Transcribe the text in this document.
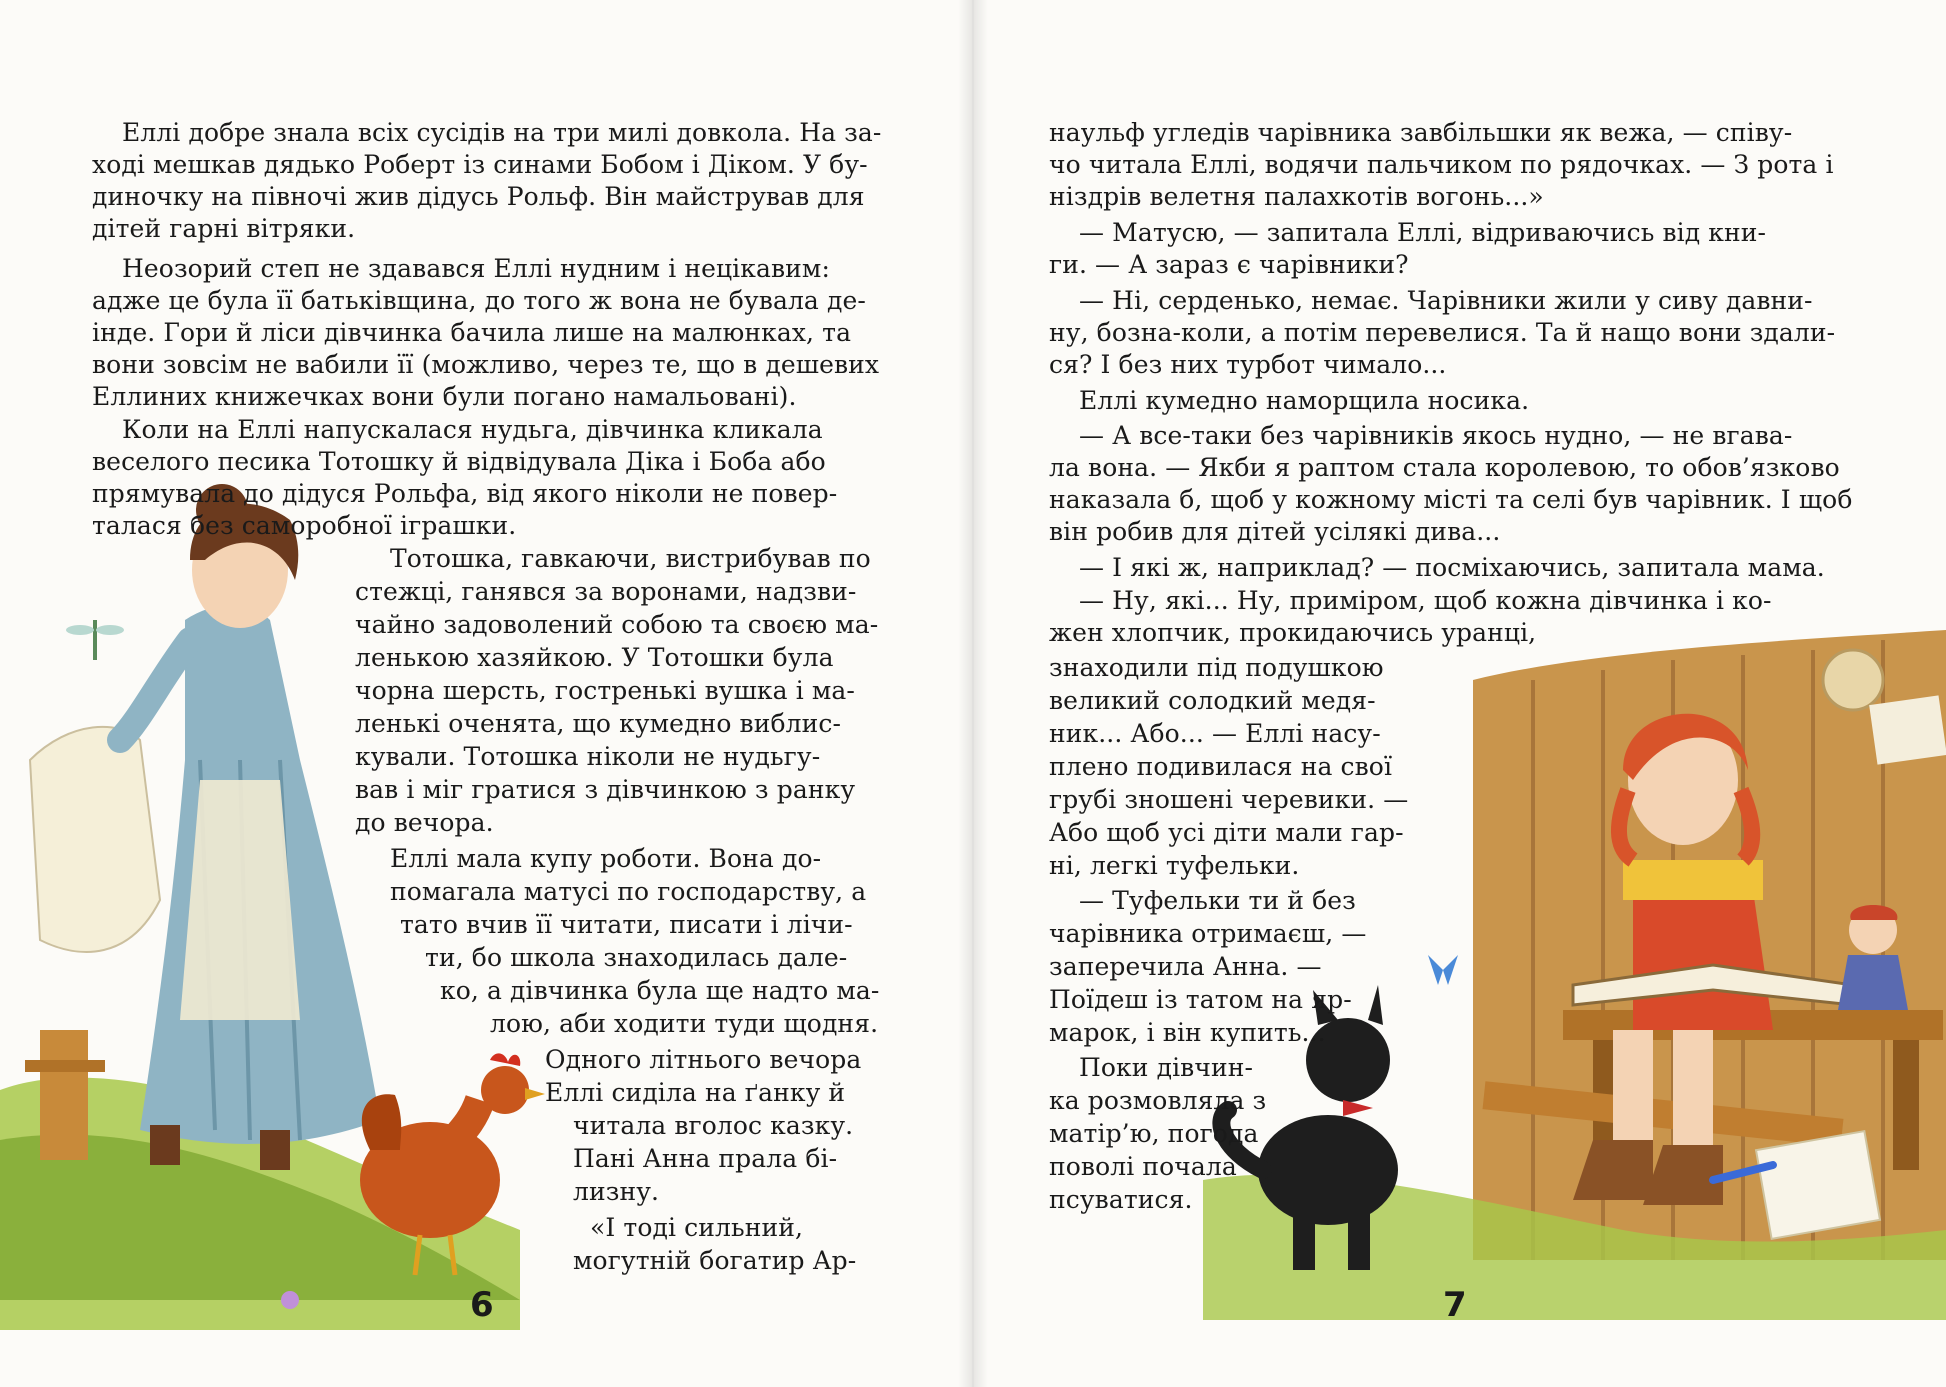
Еллі добре знала всіх сусідів на три милі довкола. На за-

ході мешкав дядько Роберт із синами Бобом і Діком. У бу-

диночку на півночі жив дідусь Рольф. Він майстрував для

дітей гарні вітряки.

Неозорий степ не здавався Еллі нудним і нецікавим:

адже це була її батьківщина, до того ж вона не бувала де-

інде. Гори й ліси дівчинка бачила лише на малюнках, та

вони зовсім не вабили її (можливо, через те, що в дешевих

Еллиних книжечках вони були погано намальовані).

Коли на Еллі напускалася нудьга, дівчинка кликала

веселого песика Тотошку й відвідувала Діка і Боба або

прямувала до дідуся Рольфа, від якого ніколи не повер-

талася без саморобної іграшки.

Тотошка, гавкаючи, вистрибував по

стежці, ганявся за воронами, надзви-

чайно задоволений собою та своєю ма-

ленькою хазяйкою. У Тотошки була

чорна шерсть, гостренькі вушка і ма-

ленькі оченята, що кумедно виблис-

кували. Тотошка ніколи не нудьгу-

вав і міг гратися з дівчинкою з ранку

до вечора.

Еллі мала купу роботи. Вона до-

помагала матусі по господарству, а

тато вчив її читати, писати і лічи-

ти, бо школа знаходилась дале-

ко, а дівчинка була ще надто ма-

лою, аби ходити туди щодня.

Одного літнього вечора

Еллі сиділа на ґанку й

читала вголос казку.

Пані Анна прала бі-

лизну.

«І тоді сильний,

могутній богатир Ар-

6

наульф угледів чарівника завбільшки як вежа, — співу-

чо читала Еллі, водячи пальчиком по рядочках. — З рота і

ніздрів велетня палахкотів вогонь...»

— Матусю, — запитала Еллі, відриваючись від кни-

ги. — А зараз є чарівники?

— Ні, серденько, немає. Чарівники жили у сиву давни-

ну, бозна-коли, а потім перевелися. Та й нащо вони здали-

ся? І без них турбот чимало...

Еллі кумедно наморщила носика.

— А все-таки без чарівників якось нудно, — не вгава-

ла вона. — Якби я раптом стала королевою, то обов’язково

наказала б, щоб у кожному місті та селі був чарівник. І щоб

він робив для дітей усілякі дива...

— І які ж, наприклад? — посміхаючись, запитала мама.

— Ну, які... Ну, приміром, щоб кожна дівчинка і ко-

жен хлопчик, прокидаючись уранці,

знаходили під подушкою

великий солодкий медя-

ник... Або... — Еллі насу-

плено подивилася на свої

грубі зношені черевики. —

Або щоб усі діти мали гар-

ні, легкі туфельки.

— Туфельки ти й без

чарівника отримаєш, —

заперечила Анна. —

Поїдеш із татом на яр-

марок, і він купить...

Поки дівчин-

ка розмовляла з

матір’ю, погода

поволі почала

псуватися.

7
